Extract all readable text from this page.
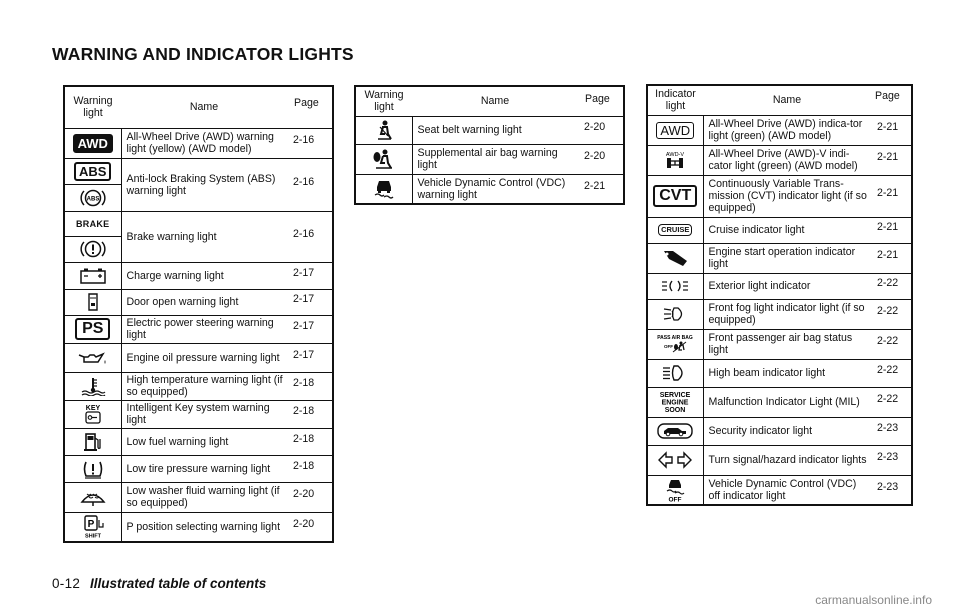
WARNING AND INDICATOR LIGHTS
Warning light	Name	Page

AWD	All-Wheel Drive (AWD) warning light (yellow) (AWD model)	2-16

ABS
ABS	Anti-lock Braking System (ABS) warning light	2-16

BRAKE	Brake warning light	2-16

	Charge warning light	2-17

	Door open warning light	2-17

PS	Electric power steering warning light	2-17

	Engine oil pressure warning light	2-17

	High temperature warning light (if so equipped)	2-18

KEY	Intelligent Key system warning light	2-18

	Low fuel warning light	2-18

	Low tire pressure warning light	2-18

	Low washer fluid warning light (if so equipped)	2-20

P
SHIFT	P position selecting warning light	2-20
Warning light	Name	Page

	Seat belt warning light	2-20

	Supplemental air bag warning light	2-20

	Vehicle Dynamic Control (VDC) warning light	2-21
Indicator light	Name	Page

AWD	All-Wheel Drive (AWD) indica-tor light (green) (AWD model)	2-21

AWD-V	All-Wheel Drive (AWD)-V indi-cator light (green) (AWD model)	2-21

CVT	Continuously Variable Trans-mission (CVT) indicator light (if so equipped)	2-21

CRUISE	Cruise indicator light	2-21

	Engine start operation indicator light	2-21

	Exterior light indicator	2-22

	Front fog light indicator light (if so equipped)	2-22

PASS AIR BAG
OFF	Front passenger air bag status light	2-22

	High beam indicator light	2-22

SERVICE
ENGINE
SOON	Malfunction Indicator Light (MIL)	2-22

	Security indicator light	2-23

	Turn signal/hazard indicator lights	2-23

OFF	Vehicle Dynamic Control (VDC) off indicator light	2-23
0-12 Illustrated table of contents
carmanualsonline.info
